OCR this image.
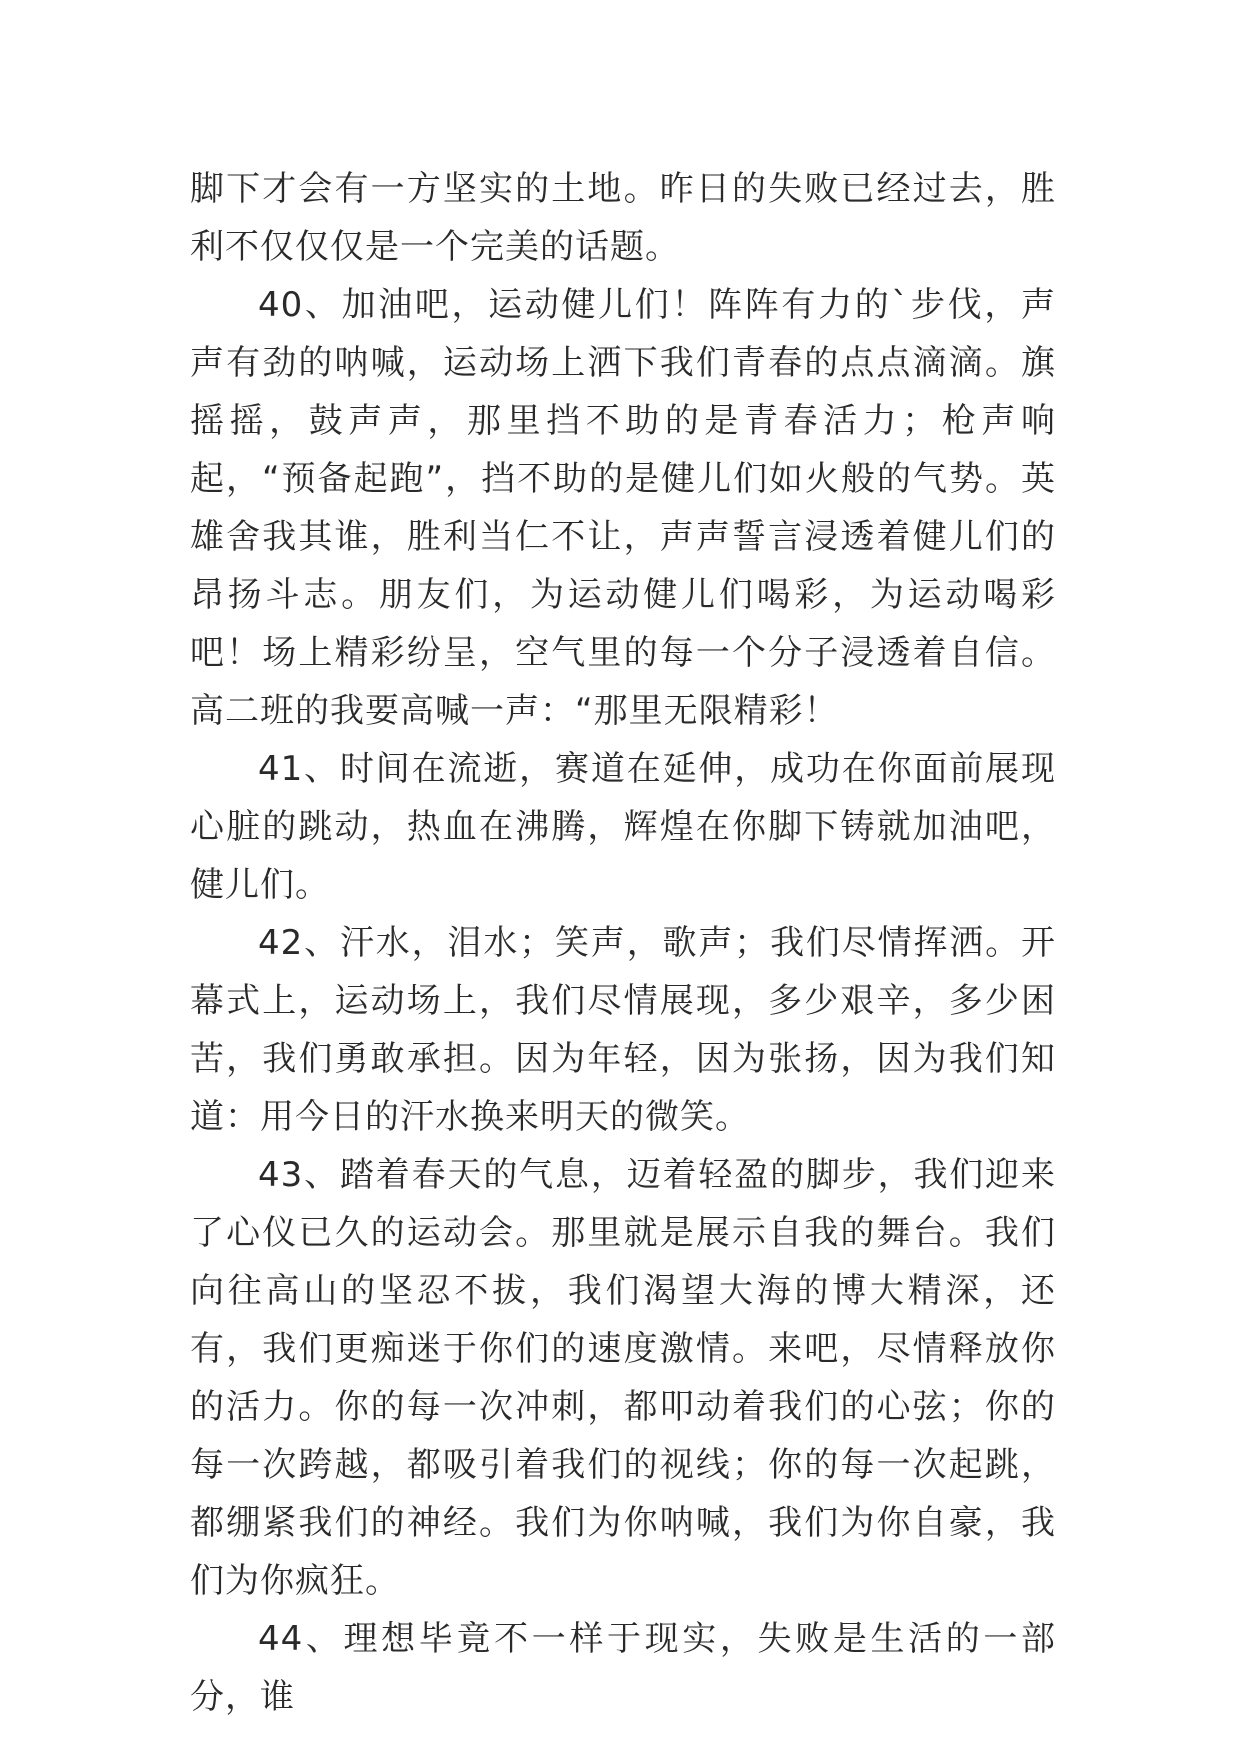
脚下才会有一方坚实的土地。昨日的失败已经过去，胜利不仅仅仅是一个完美的话题。

40、加油吧，运动健儿们！阵阵有力的`步伐，声声有劲的呐喊，运动场上洒下我们青春的点点滴滴。旗摇摇，鼓声声，那里挡不助的是青春活力；枪声响起，“预备起跑”，挡不助的是健儿们如火般的气势。英雄舍我其谁，胜利当仁不让，声声誓言浸透着健儿们的昂扬斗志。朋友们，为运动健儿们喝彩，为运动喝彩吧！场上精彩纷呈，空气里的每一个分子浸透着自信。高二班的我要高喊一声：“那里无限精彩！

41、时间在流逝，赛道在延伸，成功在你面前展现心脏的跳动，热血在沸腾，辉煌在你脚下铸就加油吧，健儿们。

42、汗水，泪水；笑声，歌声；我们尽情挥洒。开幕式上，运动场上，我们尽情展现，多少艰辛，多少困苦，我们勇敢承担。因为年轻，因为张扬，因为我们知道：用今日的汗水换来明天的微笑。

43、踏着春天的气息，迈着轻盈的脚步，我们迎来了心仪已久的运动会。那里就是展示自我的舞台。我们向往高山的坚忍不拔，我们渴望大海的博大精深，还有，我们更痴迷于你们的速度激情。来吧，尽情释放你的活力。你的每一次冲刺，都叩动着我们的心弦；你的每一次跨越，都吸引着我们的视线；你的每一次起跳，都绷紧我们的神经。我们为你呐喊，我们为你自豪，我们为你疯狂。

44、理想毕竟不一样于现实，失败是生活的一部分，谁
